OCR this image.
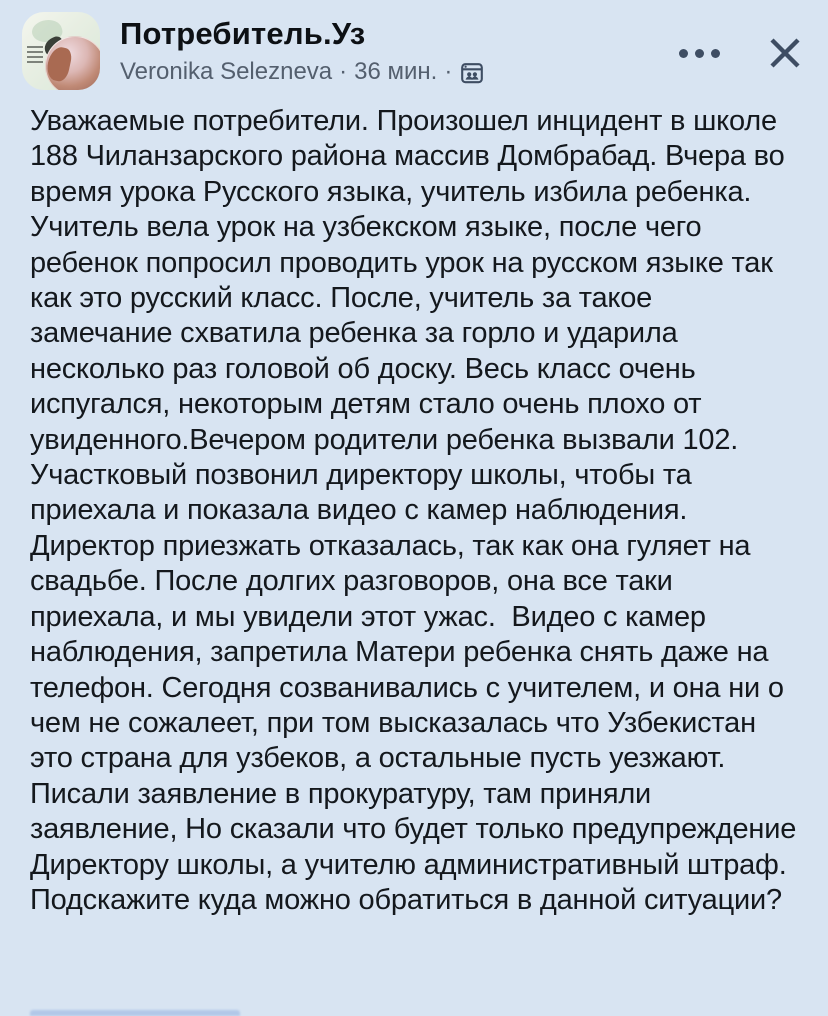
Потребитель.Уз
Veronika Selezneva · 36 мин. ·
Уважаемые потребители. Произошел инцидент в школе 188 Чиланзарского района массив Домбрабад. Вчера во время урока Русского языка, учитель избила ребенка. Учитель вела урок на узбекском языке, после чего ребенок попросил проводить урок на русском языке так как это русский класс. После, учитель за такое замечание схватила ребенка за горло и ударила несколько раз головой об доску. Весь класс очень испугался, некоторым детям стало очень плохо от увиденного.Вечером родители ребенка вызвали 102. Участковый позвонил директору школы, чтобы та приехала и показала видео с камер наблюдения. Директор приезжать отказалась, так как она гуляет на свадьбе. После долгих разговоров, она все таки приехала, и мы увидели этот ужас.  Видео с камер наблюдения, запретила Матери ребенка снять даже на телефон. Сегодня созванивались с учителем, и она ни о чем не сожалеет, при том высказалась что Узбекистан это страна для узбеков, а остальные пусть уезжают. Писали заявление в прокуратуру, там приняли заявление, Но сказали что будет только предупреждение Директору школы, а учителю административный штраф.  Подскажите куда можно обратиться в данной ситуации?
